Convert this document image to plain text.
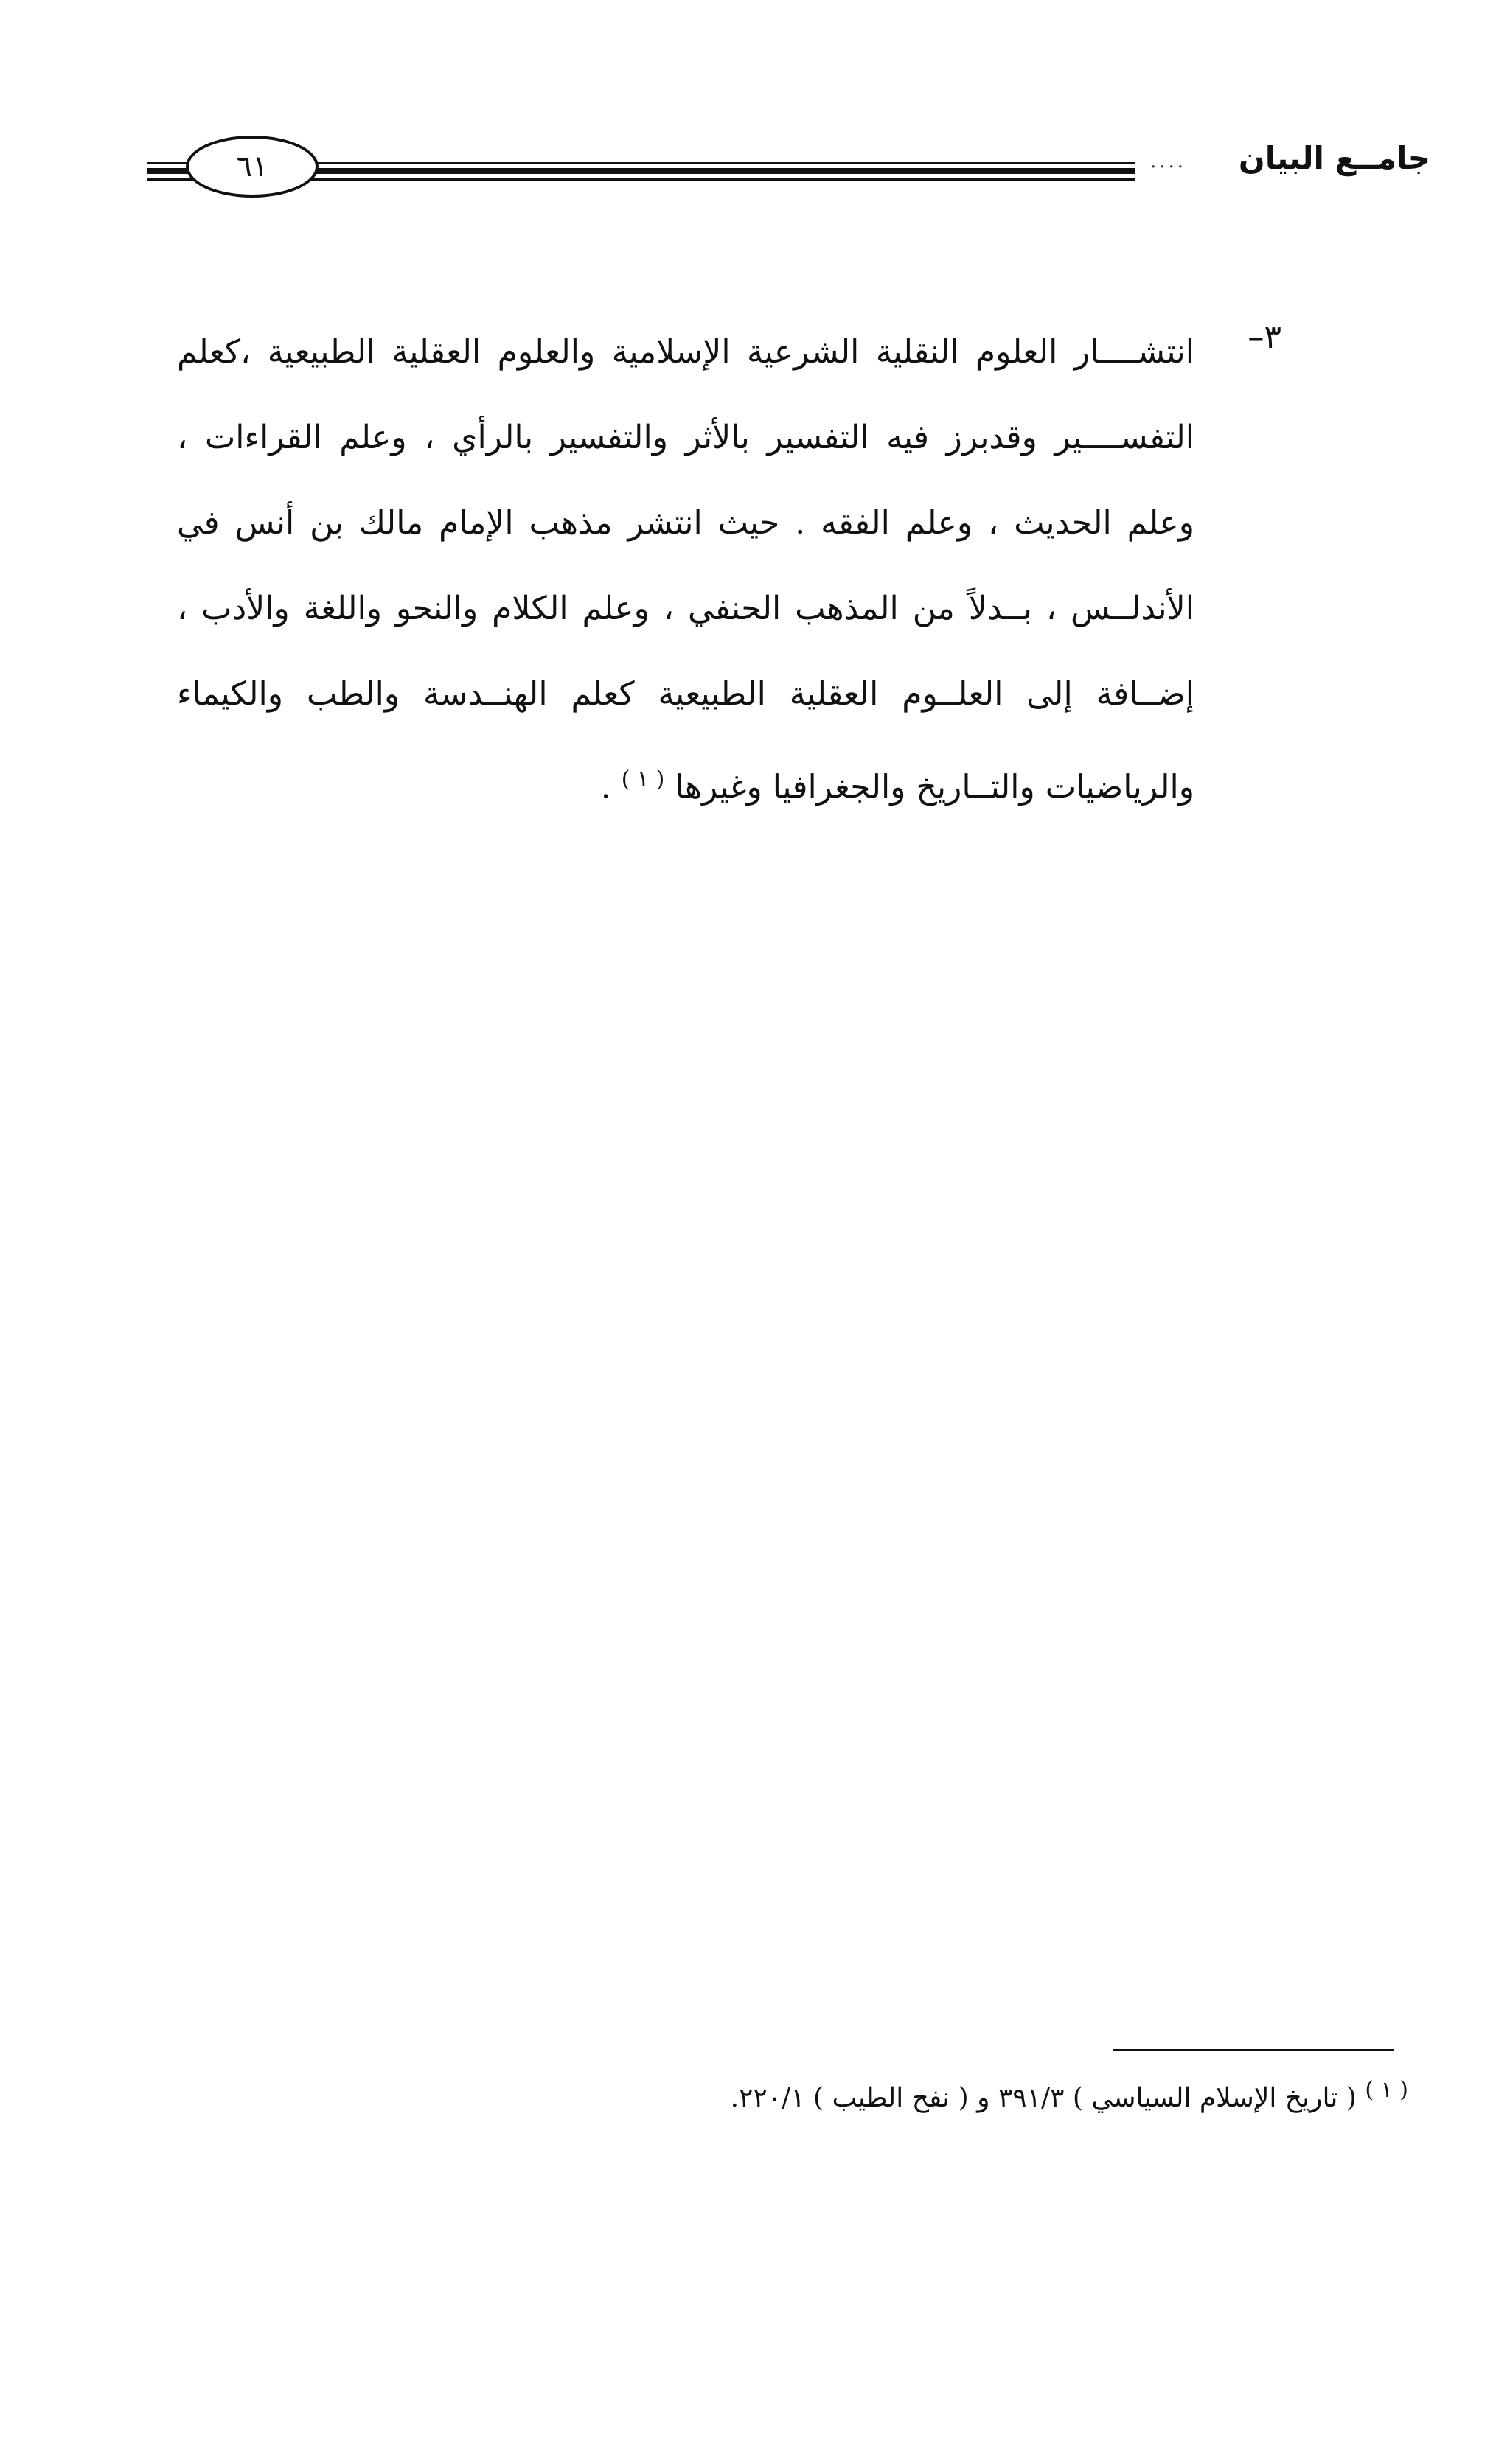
٦١	.... جامــع البيان
٣–
انتشــــار العلوم النقلية الشرعية الإسلامية والعلوم العقلية الطبيعية ،كعلم التفســــير وقدبرز فيه التفسير بالأثر والتفسير بالرأي ، وعلم القراءات ، وعلم الحديث ، وعلم الفقه . حيث انتشر مذهب الإمام مالك بن أنس في الأندلــس ، بــدلاً من المذهب الحنفي ، وعلم الكلام والنحو واللغة والأدب ، إضــافة إلى العلــوم العقلية الطبيعية كعلم الهنــدسة والطب والكيماء والرياضيات والتــاريخ والجغرافيا وغيرها $^{( ١ )}$ .
$^{( ١ )}$ ( تاريخ الإسلام السياسي ) ٣٩١/٣ و ( نفح الطيب ) ٢٢٠/١.
